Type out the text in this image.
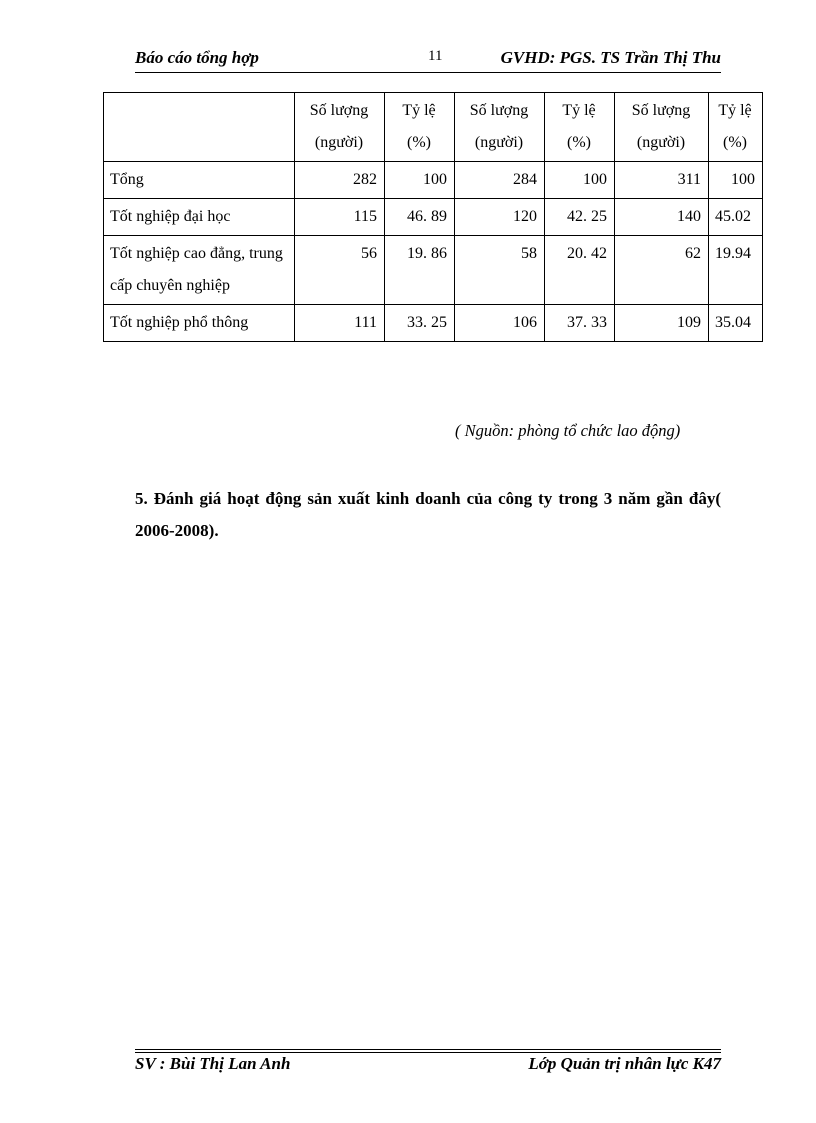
Báo cáo tổng hợp	11	GVHD: PGS. TS Trần Thị Thu
	Số lượng (người)	Tỷ lệ (%)	Số lượng (người)	Tỷ lệ (%)	Số lượng (người)	Tỷ lệ (%)
Tổng	282	100	284	100	311	100
Tốt nghiệp đại học	115	46. 89	120	42. 25	140	45.02
Tốt nghiệp cao đẳng, trung cấp chuyên nghiệp	56	19. 86	58	20. 42	62	19.94
Tốt nghiệp phổ thông	111	33. 25	106	37. 33	109	35.04
( Nguồn: phòng tổ chức lao động)
5. Đánh giá hoạt động sản xuất kinh doanh của công ty trong 3 năm gần đây( 2006-2008).
SV : Bùi Thị Lan Anh	Lớp Quản trị nhân lực K47
